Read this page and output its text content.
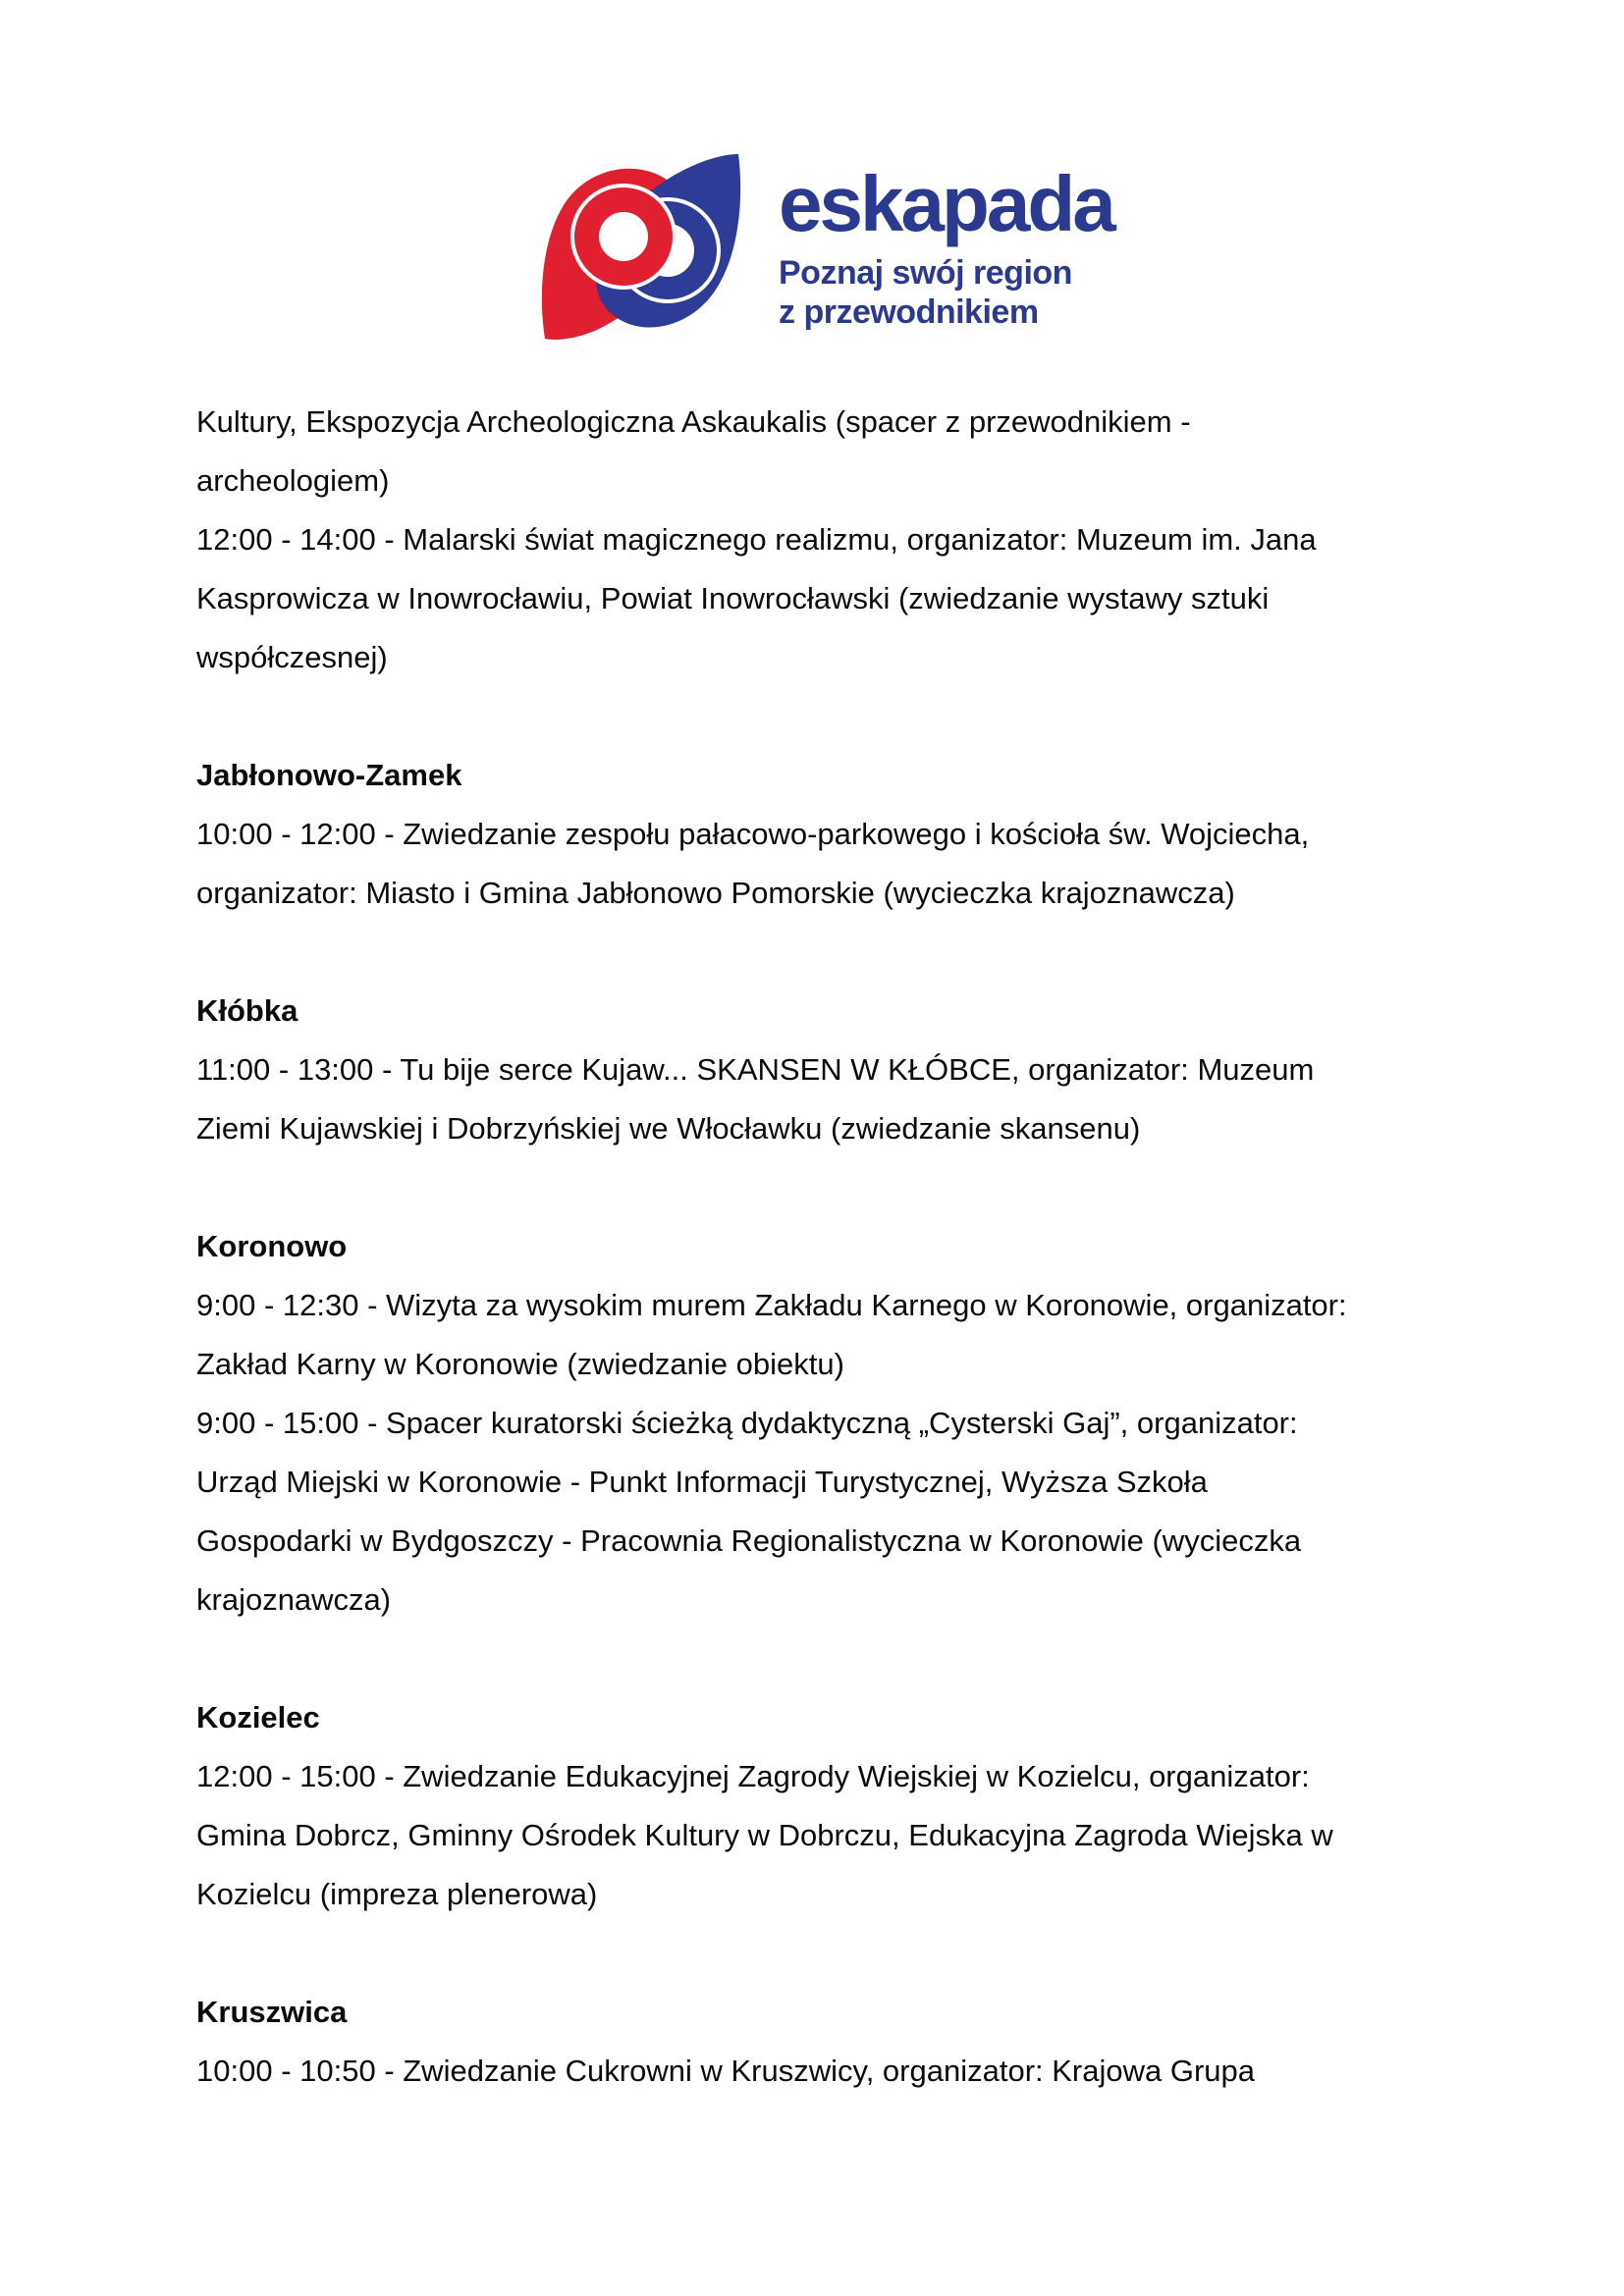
eskapada
Poznaj swój region
z przewodnikiem
Kultury, Ekspozycja Archeologiczna Askaukalis (spacer z przewodnikiem -
archeologiem)
12:00 - 14:00 - Malarski świat magicznego realizmu, organizator: Muzeum im. Jana
Kasprowicza w Inowrocławiu, Powiat Inowrocławski (zwiedzanie wystawy sztuki
współczesnej)
Jabłonowo-Zamek
10:00 - 12:00 - Zwiedzanie zespołu pałacowo-parkowego i kościoła św. Wojciecha,
organizator: Miasto i Gmina Jabłonowo Pomorskie (wycieczka krajoznawcza)
Kłóbka
11:00 - 13:00 - Tu bije serce Kujaw... SKANSEN W KŁÓBCE, organizator: Muzeum
Ziemi Kujawskiej i Dobrzyńskiej we Włocławku (zwiedzanie skansenu)
Koronowo
9:00 - 12:30 - Wizyta za wysokim murem Zakładu Karnego w Koronowie, organizator:
Zakład Karny w Koronowie (zwiedzanie obiektu)
9:00 - 15:00 - Spacer kuratorski ścieżką dydaktyczną „Cysterski Gaj”, organizator:
Urząd Miejski w Koronowie - Punkt Informacji Turystycznej, Wyższa Szkoła
Gospodarki w Bydgoszczy - Pracownia Regionalistyczna w Koronowie (wycieczka
krajoznawcza)
Kozielec
12:00 - 15:00 - Zwiedzanie Edukacyjnej Zagrody Wiejskiej w Kozielcu, organizator:
Gmina Dobrcz, Gminny Ośrodek Kultury w Dobrczu, Edukacyjna Zagroda Wiejska w
Kozielcu (impreza plenerowa)
Kruszwica
10:00 - 10:50 - Zwiedzanie Cukrowni w Kruszwicy, organizator: Krajowa Grupa
